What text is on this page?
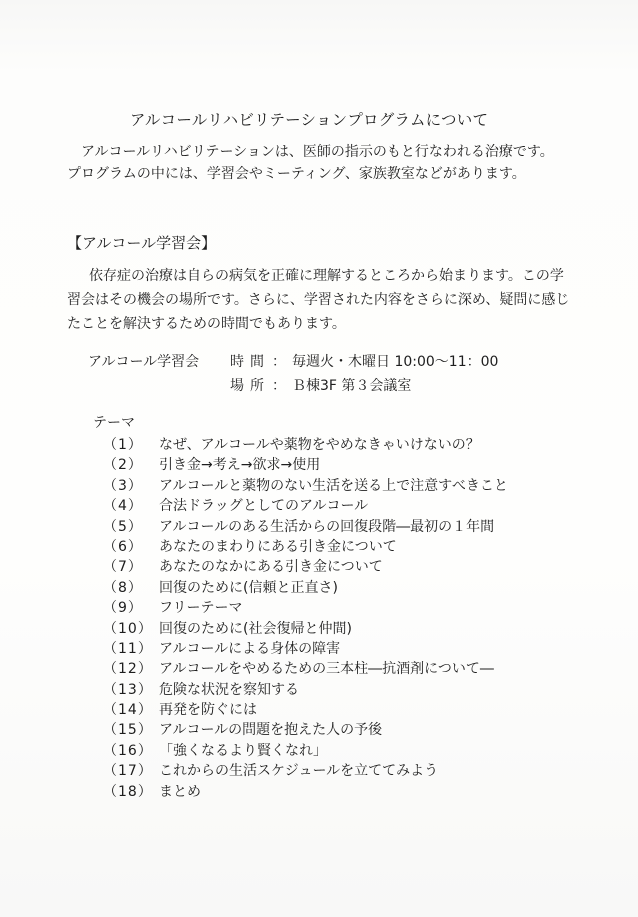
アルコールリハビリテーションプログラムについて

アルコールリハビリテーションは、医師の指示のもと行なわれる治療です。

プログラムの中には、学習会やミーティング、家族教室などがあります。

【アルコール学習会】

依存症の治療は自らの病気を正確に理解するところから始まります。この学習会はその機会の場所です。さらに、学習された内容をさらに深め、疑問に感じたことを解決するための時間でもあります。

アルコール学習会	時間 ： 毎週火・木曜日 10:00～11：00
場所 ： Ｂ棟3F 第３会議室
テーマ
（1）	なぜ、アルコールや薬物をやめなきゃいけないの？
（2）	引き金→考え→欲求→使用
（3）	アルコールと薬物のない生活を送る上で注意すべきこと
（4）	合法ドラッグとしてのアルコール
（5）	アルコールのある生活からの回復段階―最初の１年間
（6）	あなたのまわりにある引き金について
（7）	あなたのなかにある引き金について
（8）	回復のために(信頼と正直さ)
（9）	フリーテーマ
（10） 回復のために(社会復帰と仲間)
（11） アルコールによる身体の障害
（12） アルコールをやめるための三本柱―抗酒剤について―
（13） 危険な状況を察知する
（14） 再発を防ぐには
（15） アルコールの問題を抱えた人の予後
（16） 「強くなるより賢くなれ」
（17） これからの生活スケジュールを立ててみよう
（18） まとめ
